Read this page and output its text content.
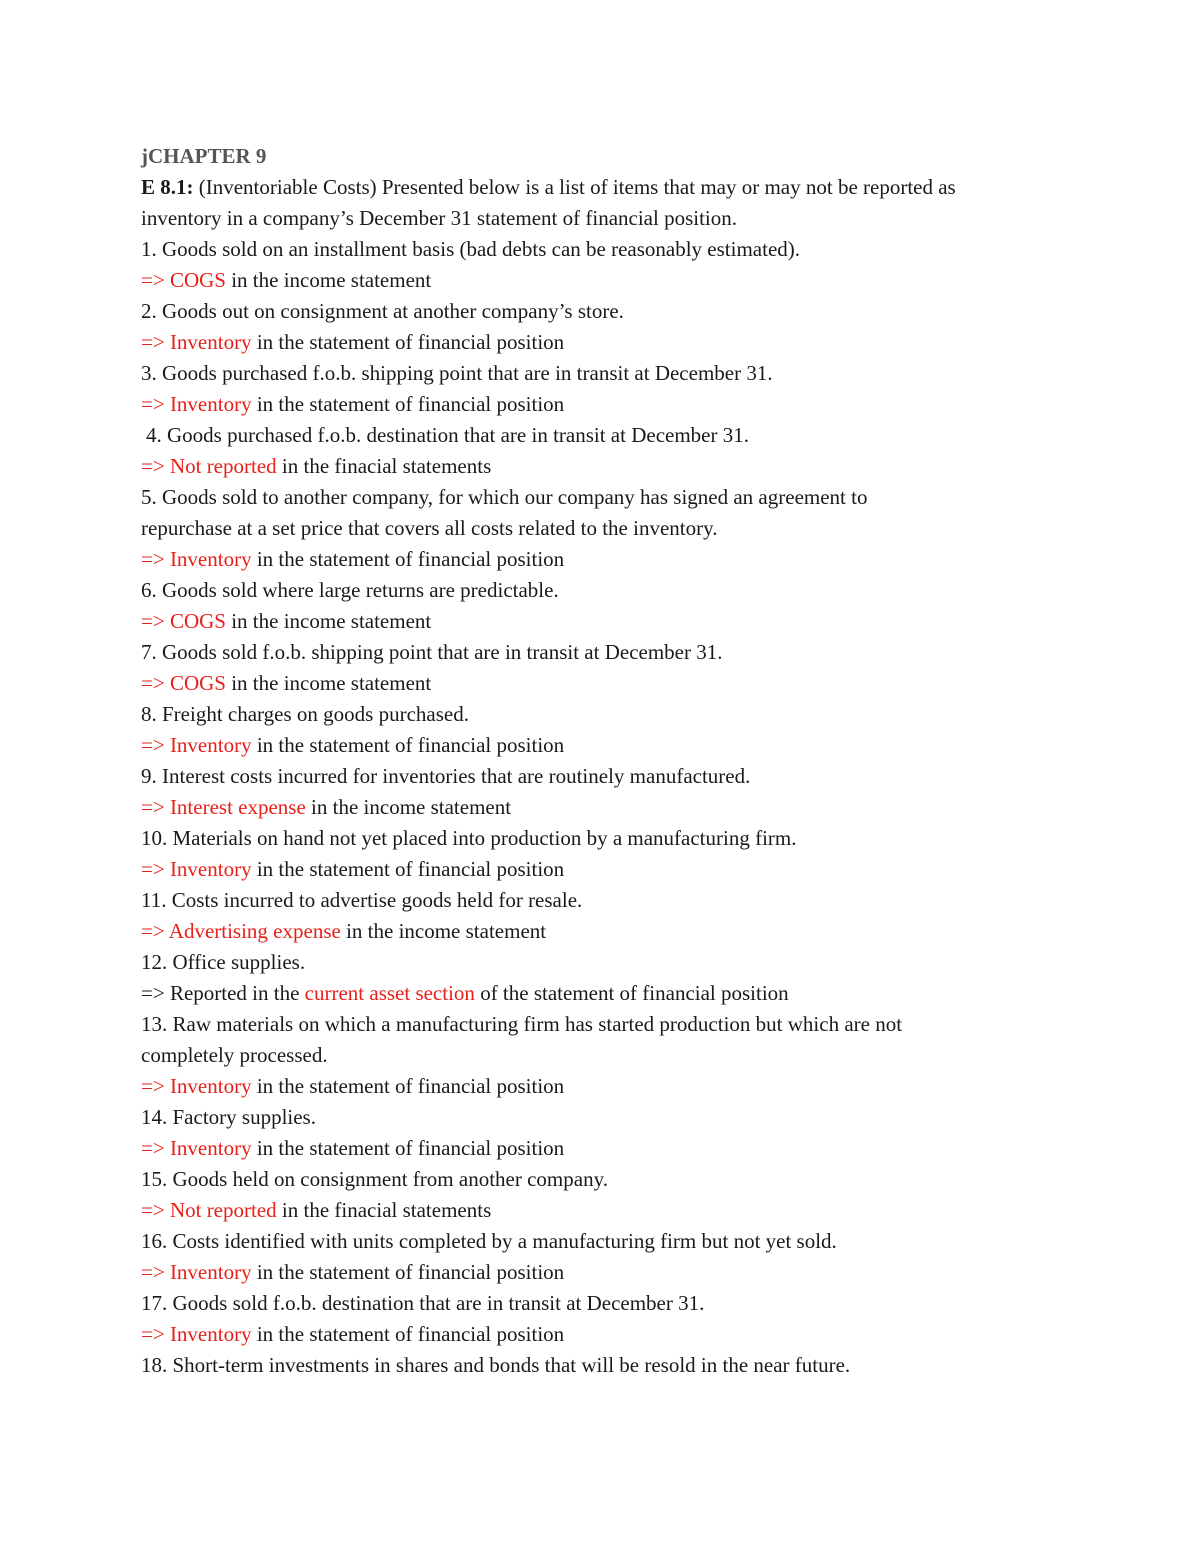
jCHAPTER 9
E 8.1: (Inventoriable Costs) Presented below is a list of items that may or may not be reported as
inventory in a company’s December 31 statement of financial position.
1. Goods sold on an installment basis (bad debts can be reasonably estimated).
=> COGS in the income statement
2. Goods out on consignment at another company’s store.
=> Inventory in the statement of financial position
3. Goods purchased f.o.b. shipping point that are in transit at December 31.
=> Inventory in the statement of financial position
4. Goods purchased f.o.b. destination that are in transit at December 31.
=> Not reported in the finacial statements
5. Goods sold to another company, for which our company has signed an agreement to
repurchase at a set price that covers all costs related to the inventory.
=> Inventory in the statement of financial position
6. Goods sold where large returns are predictable.
=> COGS in the income statement
7. Goods sold f.o.b. shipping point that are in transit at December 31.
=> COGS in the income statement
8. Freight charges on goods purchased.
=> Inventory in the statement of financial position
9. Interest costs incurred for inventories that are routinely manufactured.
=> Interest expense in the income statement
10. Materials on hand not yet placed into production by a manufacturing firm.
=> Inventory in the statement of financial position
11. Costs incurred to advertise goods held for resale.
=> Advertising expense in the income statement
12. Office supplies.
=> Reported in the current asset section of the statement of financial position
13. Raw materials on which a manufacturing firm has started production but which are not
completely processed.
=> Inventory in the statement of financial position
14. Factory supplies.
=> Inventory in the statement of financial position
15. Goods held on consignment from another company.
=> Not reported in the finacial statements
16. Costs identified with units completed by a manufacturing firm but not yet sold.
=> Inventory in the statement of financial position
17. Goods sold f.o.b. destination that are in transit at December 31.
=> Inventory in the statement of financial position
18. Short-term investments in shares and bonds that will be resold in the near future.
